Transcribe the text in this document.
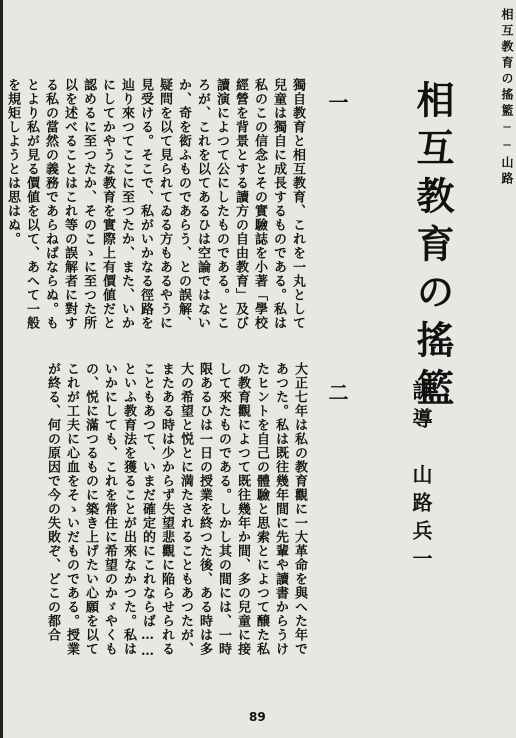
相互教育の搖籃──山路
相互教育の搖籃
訓導　山路兵一
一
二
獨自教育と相互教育、これを一丸として兒童は獨自に成長するものである。私は私のこの信念とその實驗誌を小著「學校經營を背景とする讀方の自由教育」及び讀演によつて公にしたものである。ところが、これを以てあるひは空論ではないか、奇を衒ふものであらう、との誤解、疑問を以て見られてゐる方もあるやうに見受ける。そこで、私がいかなる徑路を辿り來つてここに至つたか、また、いかにしてかやうな教育を實際上有價値だと認めるに至つたか、そのこゝに至つた所以を述べることはこれ等の誤解者に對する私の當然の義務であらねばならぬ。もとより私が見る價値を以て、あへて一般を規矩しようとは思はぬ。
大正七年は私の教育觀に一大革命を與へた年であつた。私は既往幾年間に先輩や讀書からうけたヒントを自己の體驗と思索とによつて醸た私の教育觀によつて既往幾年か間、多の兒童に接して來たものである。しかし其の間には、一時限あるひは一日の授業を終つた後、ある時は多大の希望と悦とに満たされることもあつたが、またある時は少からず失望悲觀に陥らせられることもあつて、いまだ確定的にこれならば……といふ教育法を獲ることが出來なかつた。私はいかにしても、これを常住に希望のかゞやくもの、悦に滿つるものに築き上げたい心願を以てこれが工夫に心血をそゝいだものである。授業が終る、何の原因で今の失敗ぞ、どこの都合
89
